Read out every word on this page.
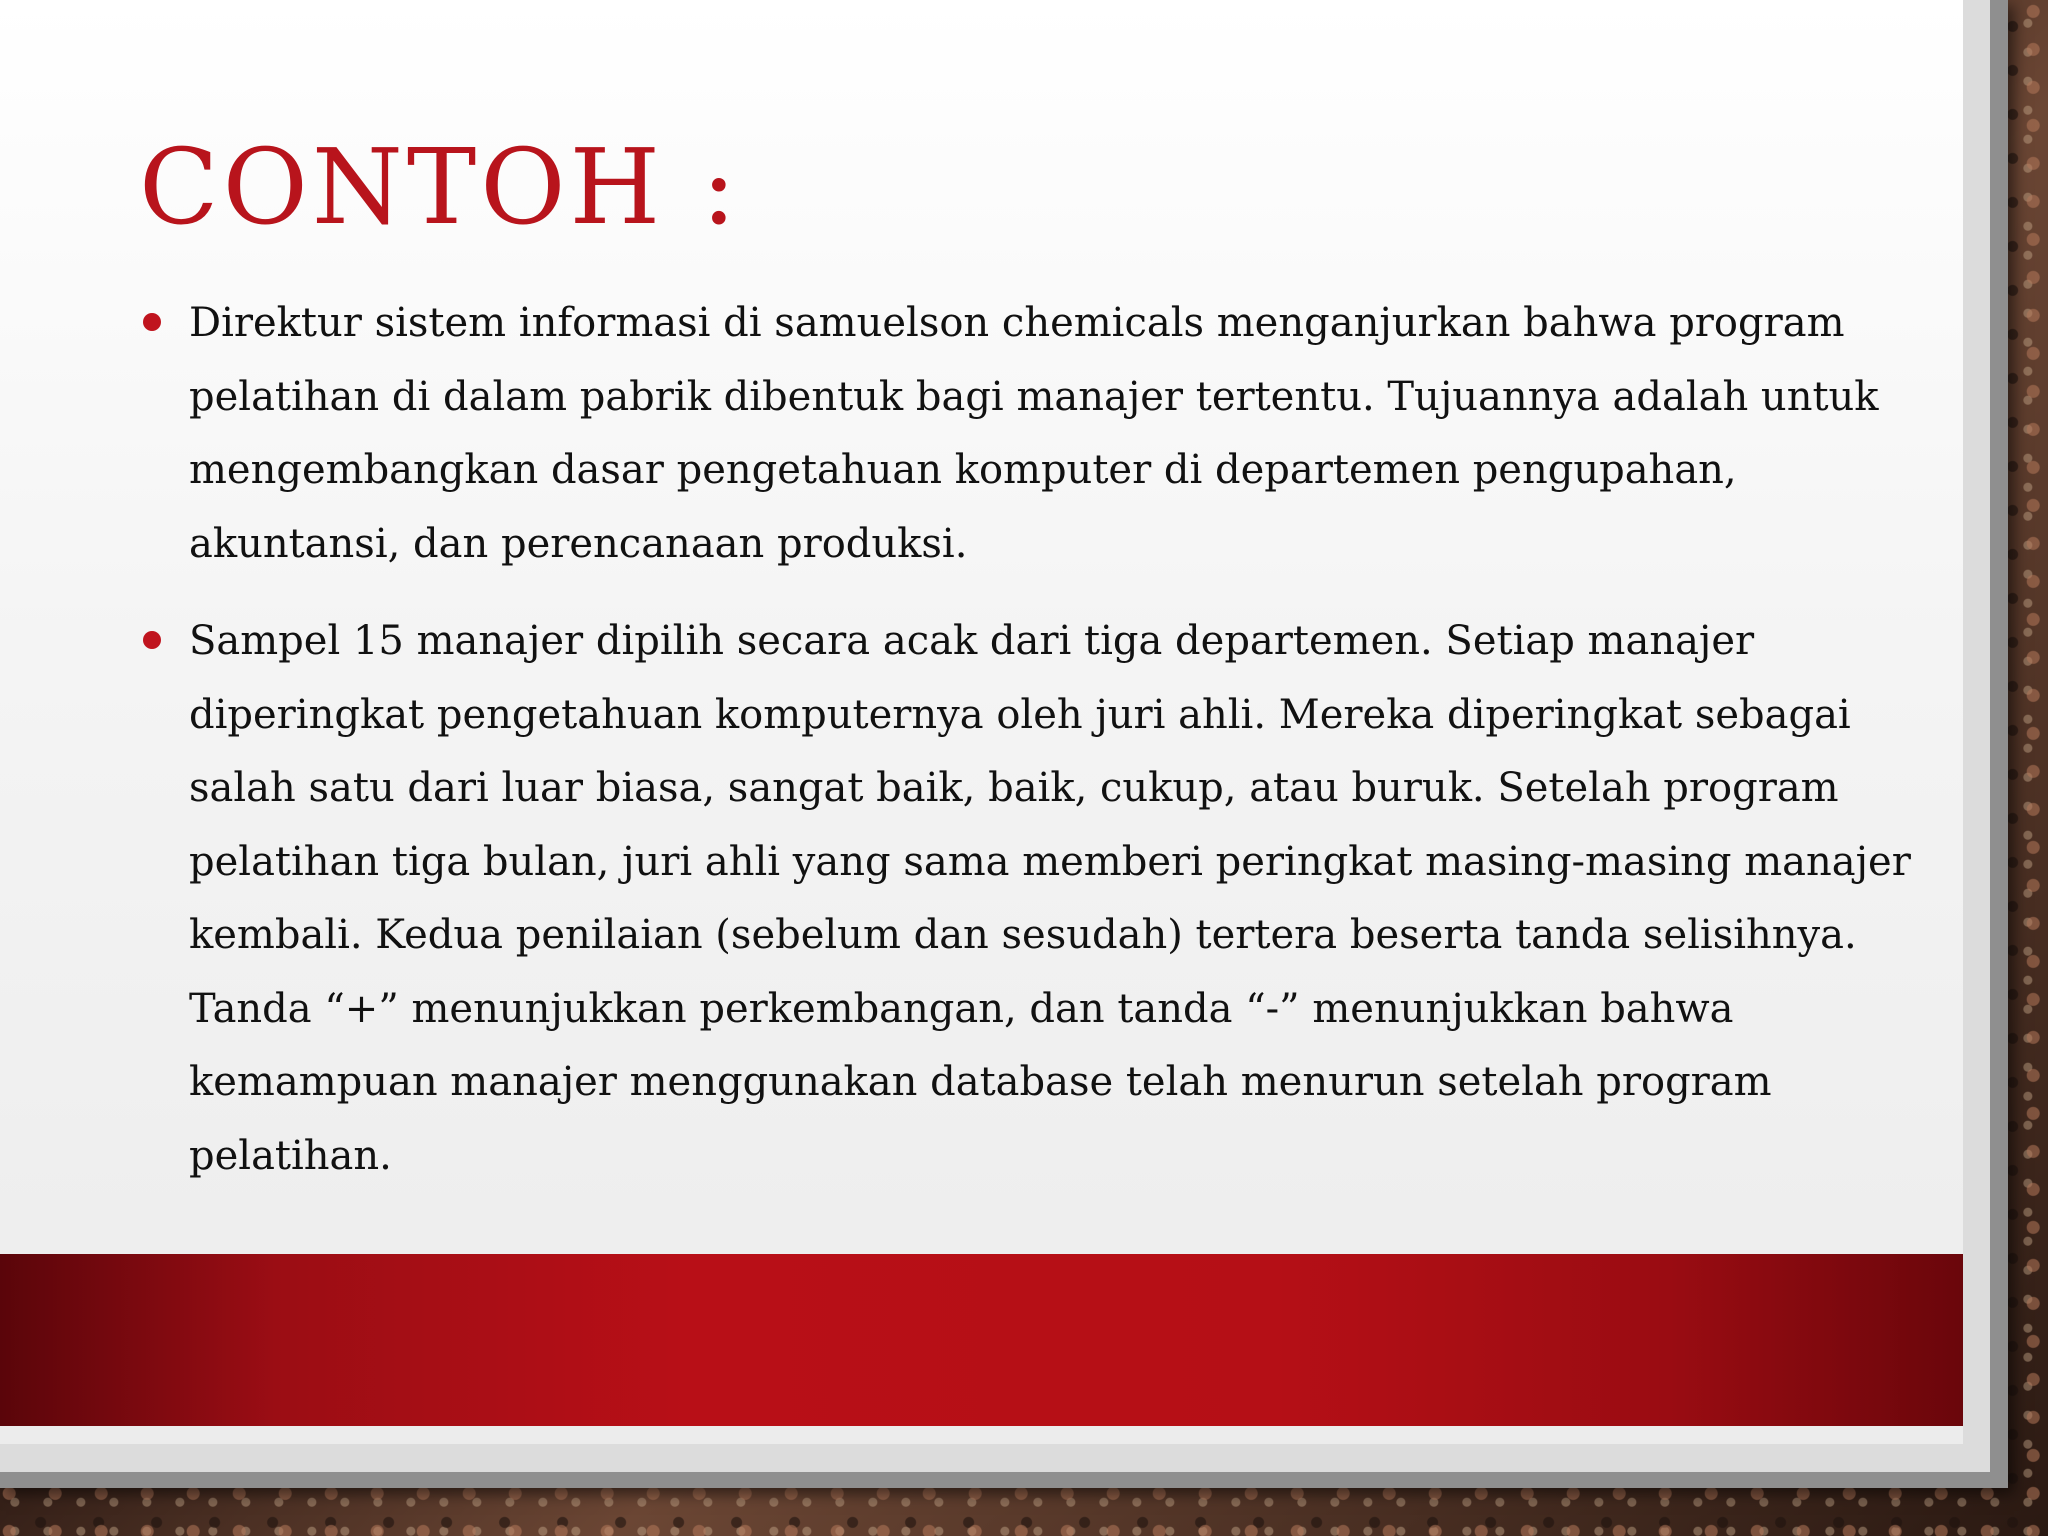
CONTOH :
Direktur sistem informasi di samuelson chemicals menganjurkan bahwa program pelatihan di dalam pabrik dibentuk bagi manajer tertentu. Tujuannya adalah untuk mengembangkan dasar pengetahuan komputer di departemen pengupahan, akuntansi, dan perencanaan produksi.
Sampel 15 manajer dipilih secara acak dari tiga departemen. Setiap manajer diperingkat pengetahuan komputernya oleh juri ahli. Mereka diperingkat sebagai salah satu dari luar biasa, sangat baik, baik, cukup, atau buruk. Setelah program pelatihan tiga bulan, juri ahli yang sama memberi peringkat masing-masing manajer kembali. Kedua penilaian (sebelum dan sesudah) tertera beserta tanda selisihnya. Tanda “+” menunjukkan perkembangan, dan tanda “-” menunjukkan bahwa kemampuan manajer menggunakan database telah menurun setelah program pelatihan.
